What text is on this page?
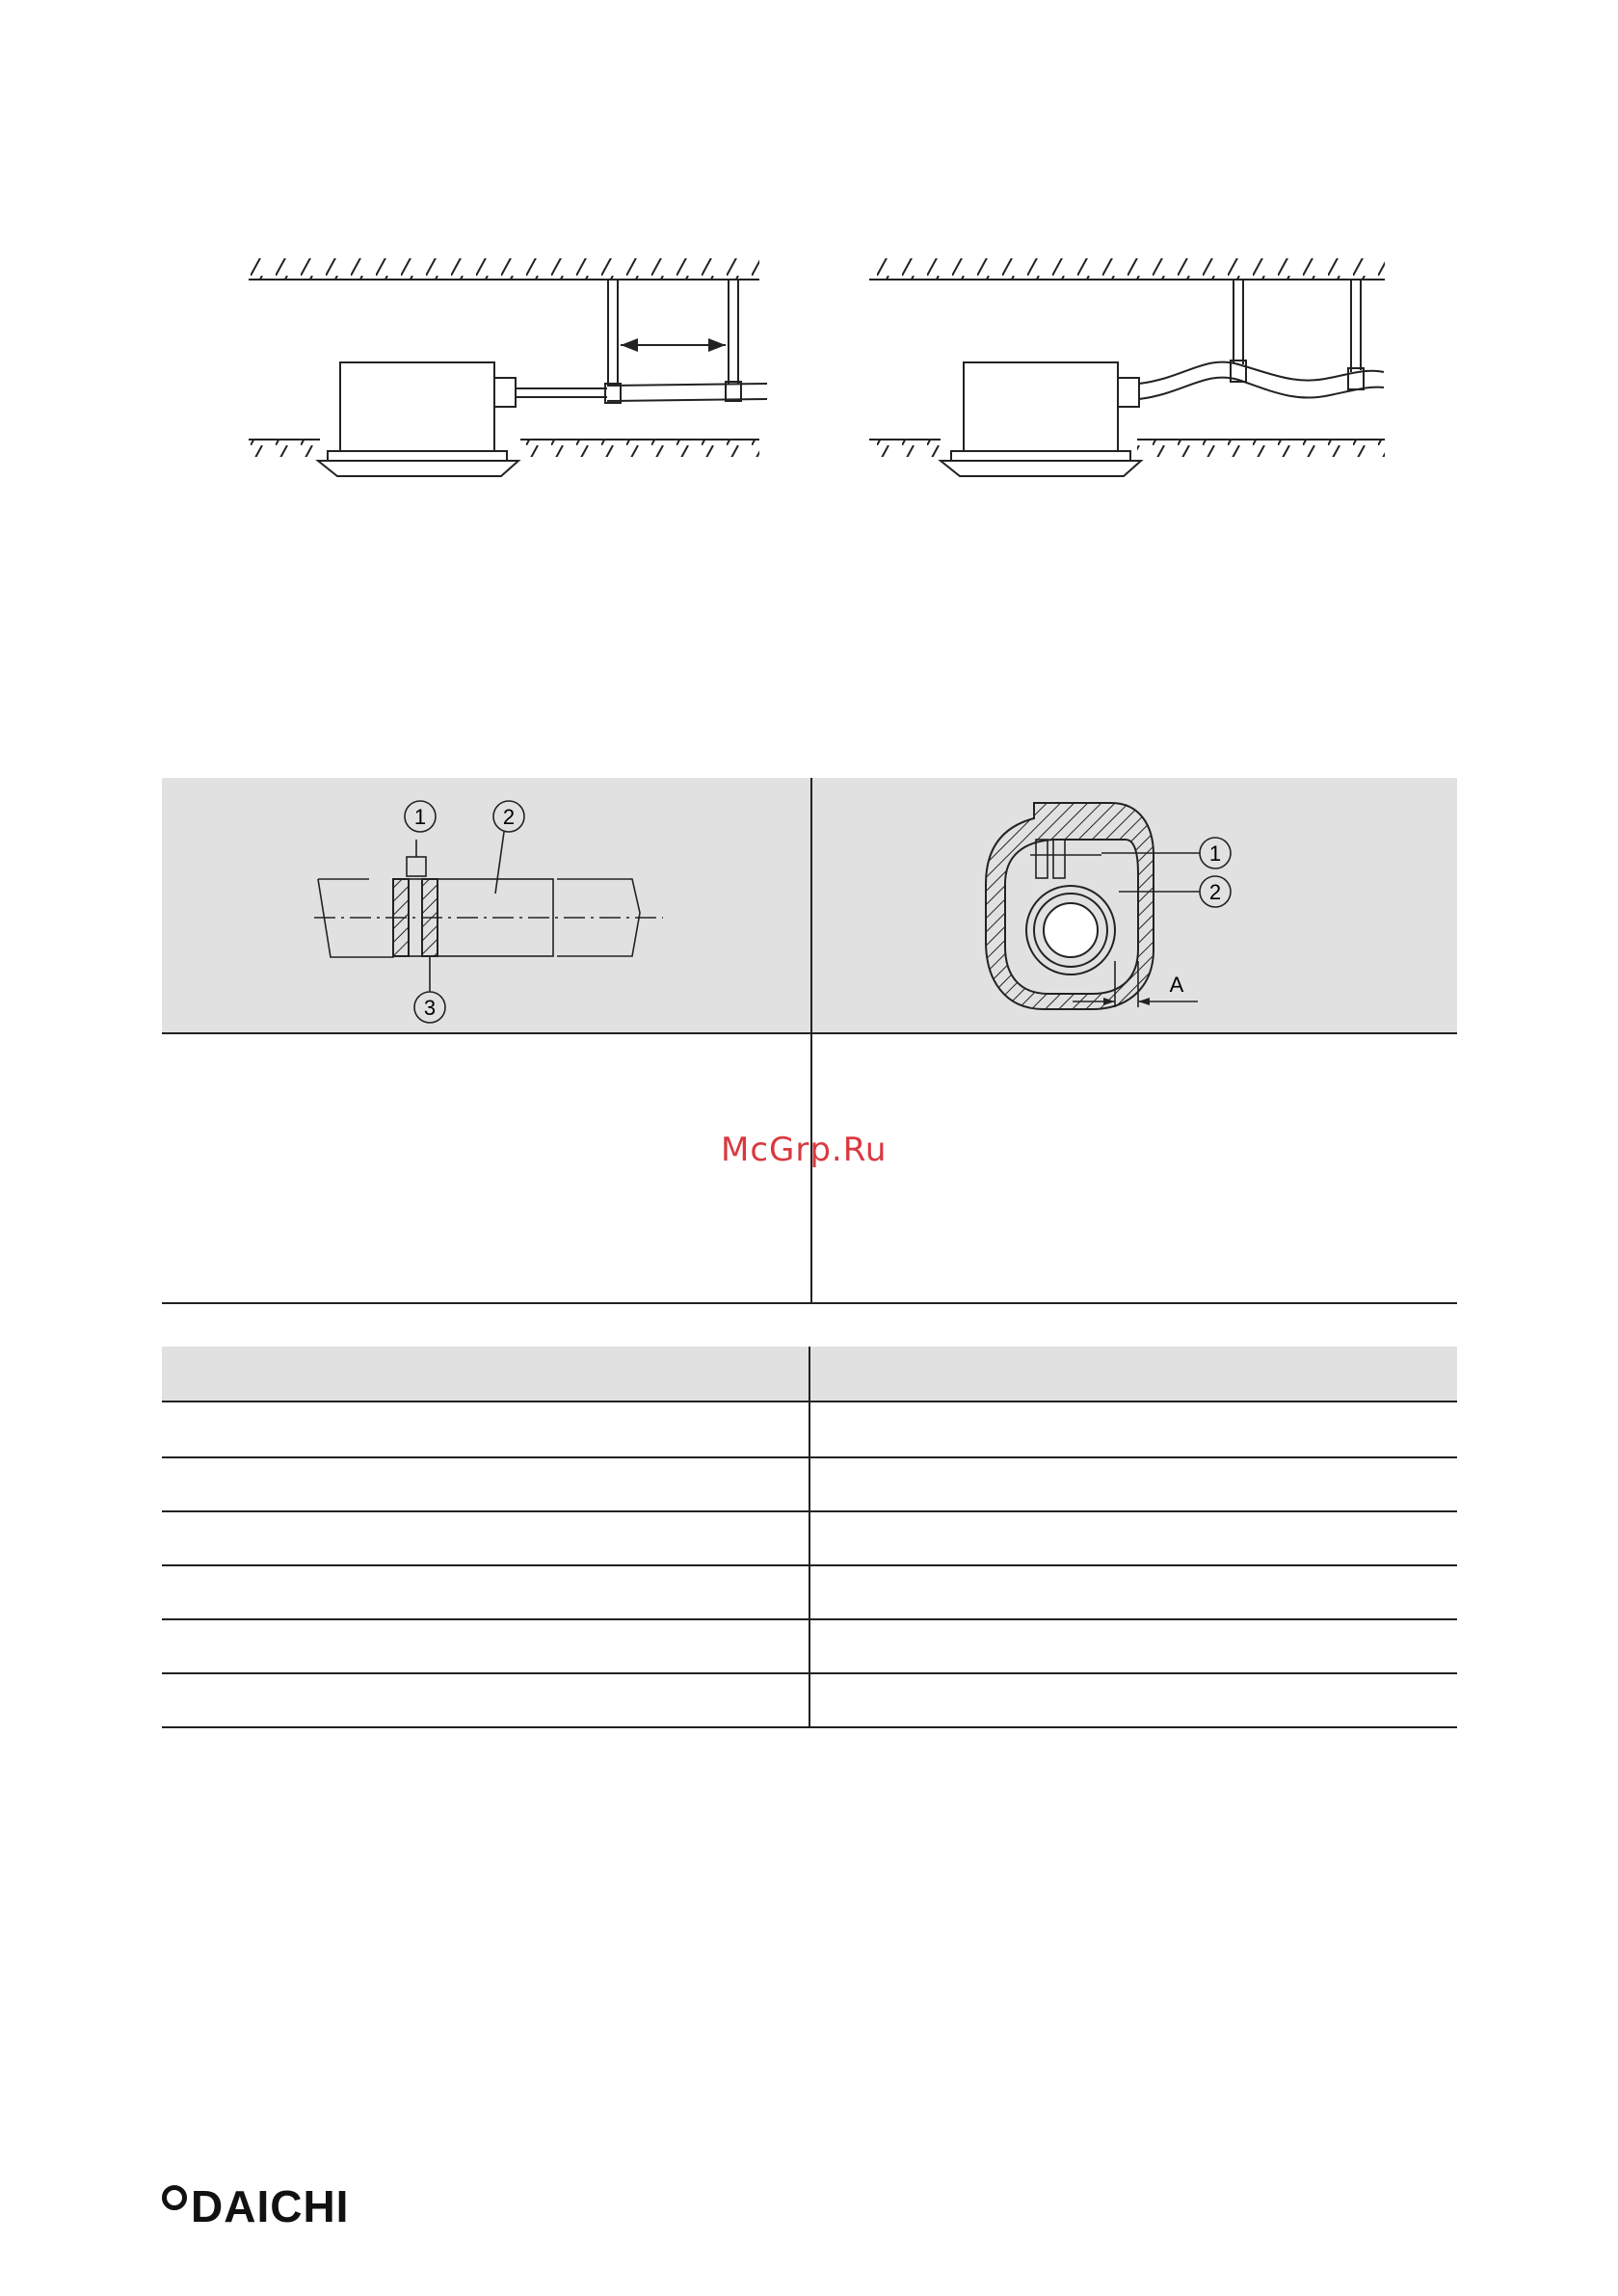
1	2
3
1
2
A
McGrp.Ru
DAICHI
